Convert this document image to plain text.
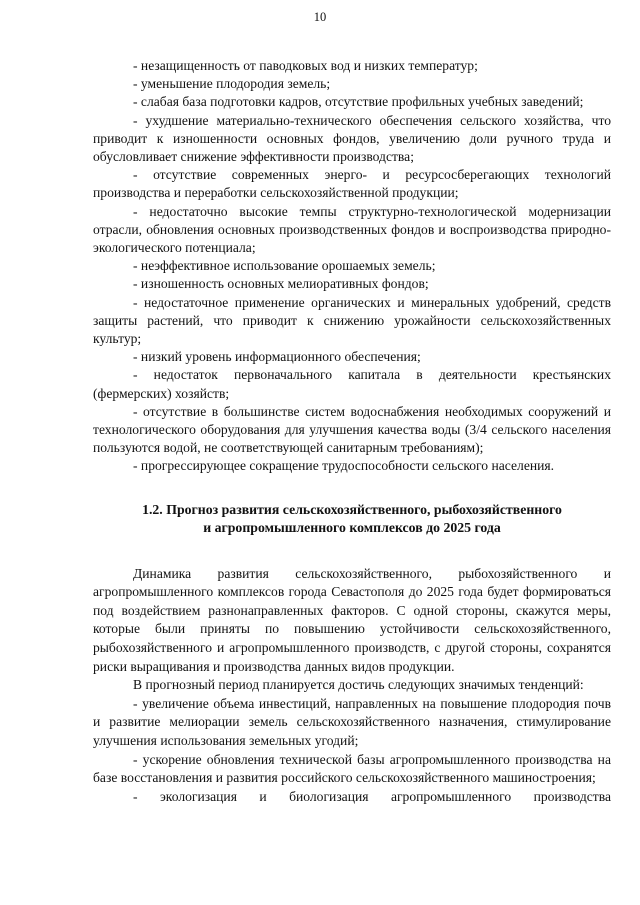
10

- незащищенность от паводковых вод и низких температур;

- уменьшение плодородия земель;

- слабая база подготовки кадров, отсутствие профильных учебных заведений;

- ухудшение материально-технического обеспечения сельского хозяйства, что приводит к изношенности основных фондов, увеличению доли ручного труда и обусловливает снижение эффективности производства;

- отсутствие современных энерго- и ресурсосберегающих технологий производства и переработки сельскохозяйственной продукции;

- недостаточно высокие темпы структурно-технологической модернизации отрасли, обновления основных производственных фондов и воспроизводства природно-экологического потенциала;

- неэффективное использование орошаемых земель;

- изношенность основных мелиоративных фондов;

- недостаточное применение органических и минеральных удобрений, средств защиты растений, что приводит к снижению урожайности сельскохозяйственных культур;

- низкий уровень информационного обеспечения;

- недостаток первоначального капитала в деятельности крестьянских (фермерских) хозяйств;

- отсутствие в большинстве систем водоснабжения необходимых сооружений и технологического оборудования для улучшения качества воды (3/4 сельского населения пользуются водой, не соответствующей санитарным требованиям);

- прогрессирующее сокращение трудоспособности сельского населения.

1.2. Прогноз развития сельскохозяйственного, рыбохозяйственного
и агропромышленного комплексов до 2025 года

Динамика развития сельскохозяйственного, рыбохозяйственного и агропромышленного комплексов города Севастополя до 2025 года будет формироваться под воздействием разнонаправленных факторов. С одной стороны, скажутся меры, которые были приняты по повышению устойчивости сельскохозяйственного, рыбохозяйственного и агропромышленного производств, с другой стороны, сохранятся риски выращивания и производства данных видов продукции.

В прогнозный период планируется достичь следующих значимых тенденций:

- увеличение объема инвестиций, направленных на повышение плодородия почв и развитие мелиорации земель сельскохозяйственного назначения, стимулирование улучшения использования земельных угодий;

- ускорение обновления технической базы агропромышленного производства на базе восстановления и развития российского сельскохозяйственного машиностроения;

- экологизация и биологизация агропромышленного производства
